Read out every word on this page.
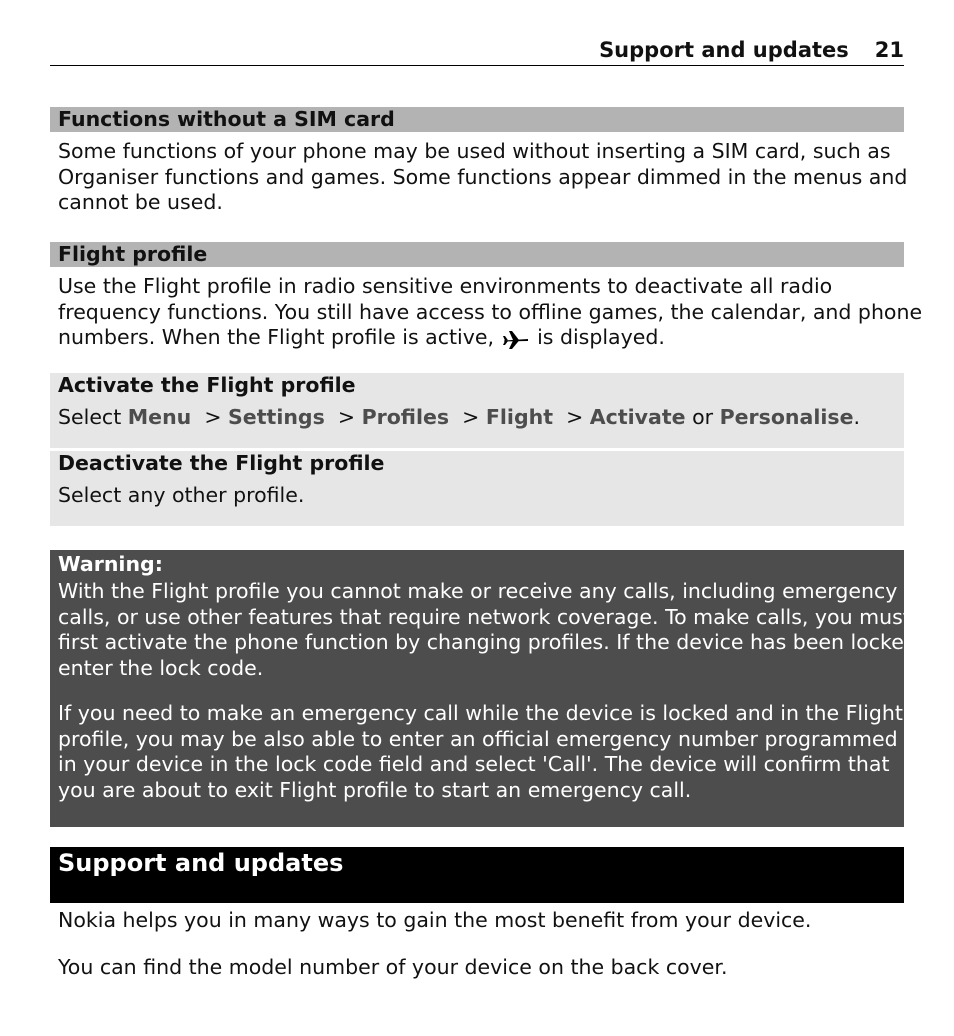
Support and updates 21
Functions without a SIM card
Some functions of your phone may be used without inserting a SIM card, such as
Organiser functions and games. Some functions appear dimmed in the menus and
cannot be used.
Flight profile
Use the Flight profile in radio sensitive environments to deactivate all radio
frequency functions. You still have access to offline games, the calendar, and phone
numbers. When the Flight profile is active, is displayed.
Activate the Flight profile
Select Menu > Settings > Profiles > Flight > Activate or Personalise.
Deactivate the Flight profile
Select any other profile.
Warning:
With the Flight profile you cannot make or receive any calls, including emergency
calls, or use other features that require network coverage. To make calls, you must
first activate the phone function by changing profiles. If the device has been locked,
enter the lock code.
If you need to make an emergency call while the device is locked and in the Flight
profile, you may be also able to enter an official emergency number programmed
in your device in the lock code field and select 'Call'. The device will confirm that
you are about to exit Flight profile to start an emergency call.
Support and updates
Nokia helps you in many ways to gain the most benefit from your device.
You can find the model number of your device on the back cover.
